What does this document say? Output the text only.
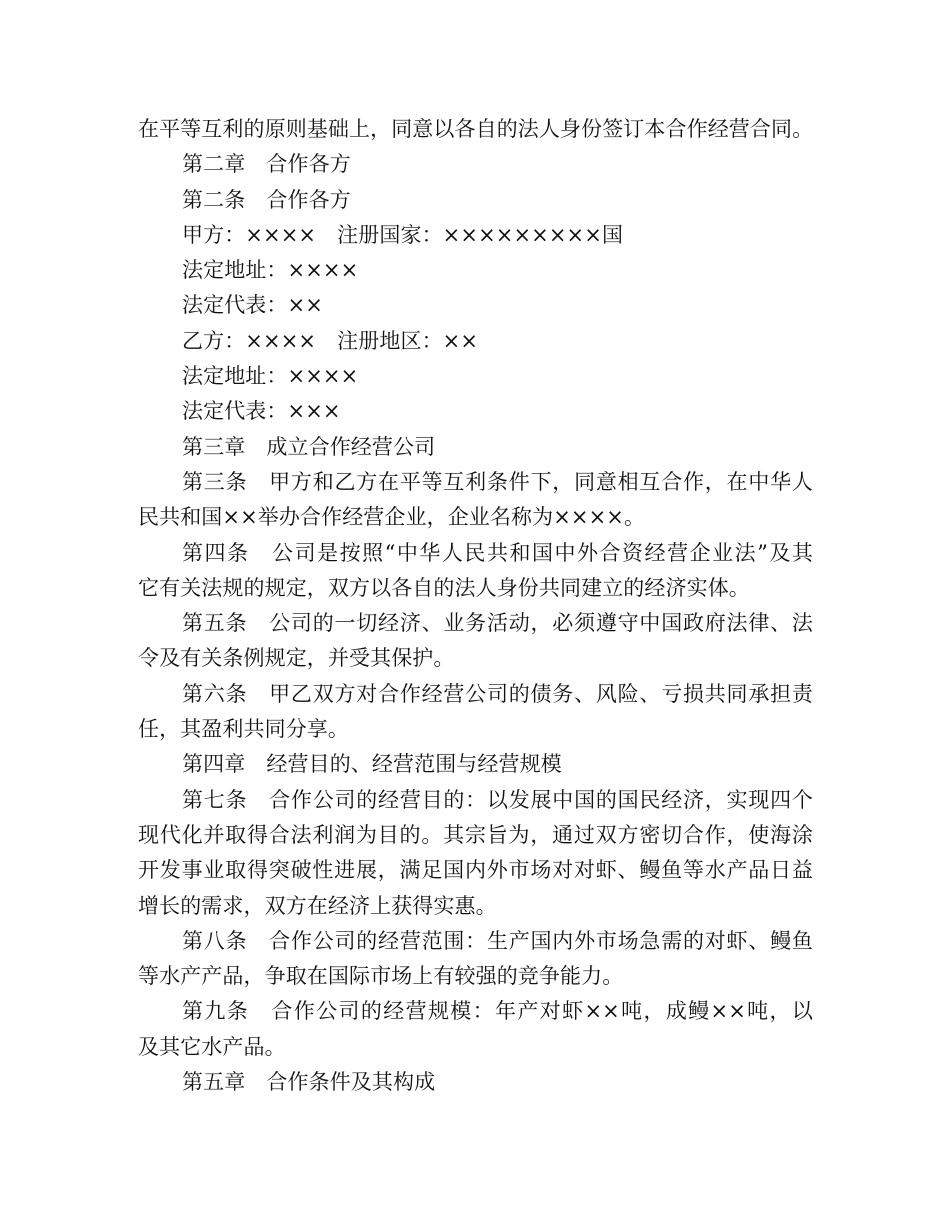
在平等互利的原则基础上，同意以各自的法人身份签订本合作经营合同。

第二章　合作各方

第二条　合作各方

甲方：××××　注册国家：×××××××××国

法定地址：××××

法定代表：××

乙方：××××　注册地区：××

法定地址：××××

法定代表：×××

第三章　成立合作经营公司

第三条　甲方和乙方在平等互利条件下，同意相互合作，在中华人

民共和国××举办合作经营企业，企业名称为××××。

第四条　公司是按照“中华人民共和国中外合资经营企业法”及其

它有关法规的规定，双方以各自的法人身份共同建立的经济实体。

第五条　公司的一切经济、业务活动，必须遵守中国政府法律、法

令及有关条例规定，并受其保护。

第六条　甲乙双方对合作经营公司的债务、风险、亏损共同承担责

任，其盈利共同分享。

第四章　经营目的、经营范围与经营规模

第七条　合作公司的经营目的：以发展中国的国民经济，实现四个

现代化并取得合法利润为目的。其宗旨为，通过双方密切合作，使海涂

开发事业取得突破性进展，满足国内外市场对对虾、鳗鱼等水产品日益

增长的需求，双方在经济上获得实惠。

第八条　合作公司的经营范围：生产国内外市场急需的对虾、鳗鱼

等水产产品，争取在国际市场上有较强的竞争能力。

第九条　合作公司的经营规模：年产对虾××吨，成鳗××吨，以

及其它水产品。

第五章　合作条件及其构成
